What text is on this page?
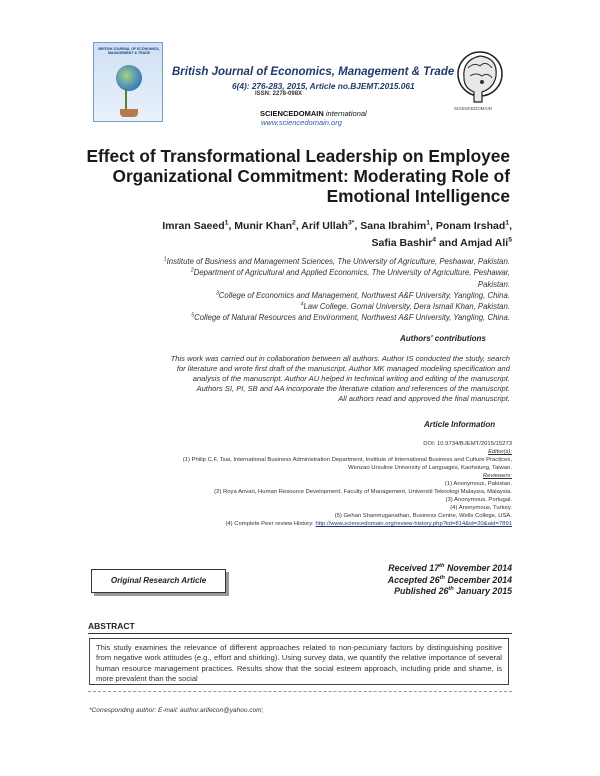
BRITISH JOURNAL OF ECONOMICS, MANAGEMENT & TRADE
British Journal of Economics, Management & Trade
6(4): 276-283, 2015, Article no.BJEMT.2015.061
ISSN: 2278-098X
SCIENCEDOMAIN international
www.sciencedomain.org
SCIENCEDOMAIN
Effect of Transformational Leadership on Employee
Organizational Commitment: Moderating Role of
Emotional Intelligence
Imran Saeed$^1$, Munir Khan$^2$, Arif Ullah$^{3*}$, Sana Ibrahim$^1$, Ponam Irshad$^1$,
Safia Bashir$^4$ and Amjad Ali$^5$
$^1$Institute of Business and Management Sciences, The University of Agriculture, Peshawar, Pakistan.
$^2$Department of Agricultural and Applied Economics, The University of Agriculture, Peshawar,
Pakistan.
$^3$College of Economics and Management, Northwest A&F University, Yangling, China.
$^4$Law College, Gomal University, Dera Ismail Khan, Pakistan.
$^5$College of Natural Resources and Environment, Northwest A&F University, Yangling, China.
Authors' contributions
This work was carried out in collaboration between all authors. Author IS conducted the study, search
for literature and wrote first draft of the manuscript. Author MK managed modeling specification and
analysis of the manuscript. Author AU helped in technical writing and editing of the manuscript.
Authors SI, PI, SB and AA incorporate the literature citation and references of the manuscript.
All authors read and approved the final manuscript.
Article Information
DOI: 10.9734/BJEMT/2015/15273
Editor(s):
(1) Philip C.F. Tsai, International Business Administration Department, Institute of International Business and Culture Practices,
Wenzao Ursuline University of Languages, Kaohsiung, Taiwan.
Reviewers:
(1) Anonymous, Pakistan.
(2) Roya Anvari, Human Resource Development, Faculty of Management, Universiti Teknologi Malaysia, Malaysia.
(3) Anonymous, Portugal.
(4) Anonymous, Turkey.
(5) Gehan Shanmuganathan, Business Centre, Wells College, USA.
(4) Complete Peer review History: http://www.sciencedomain.org/review-history.php?iid=814&id=20&aid=7891
Received 17th November 2014
Accepted 26th December 2014
Published 26th January 2015
Original Research Article
ABSTRACT
This study examines the relevance of different approaches related to non-pecuniary factors by distinguishing positive from negative work attitudes (e.g., effort and shirking). Using survey data, we quantify the relative importance of several human resource management practices. Results show that the social esteem approach, including pride and shame, is more prevalent than the social
*Corresponding author: E-mail: author.arifecon@yahoo.com;
